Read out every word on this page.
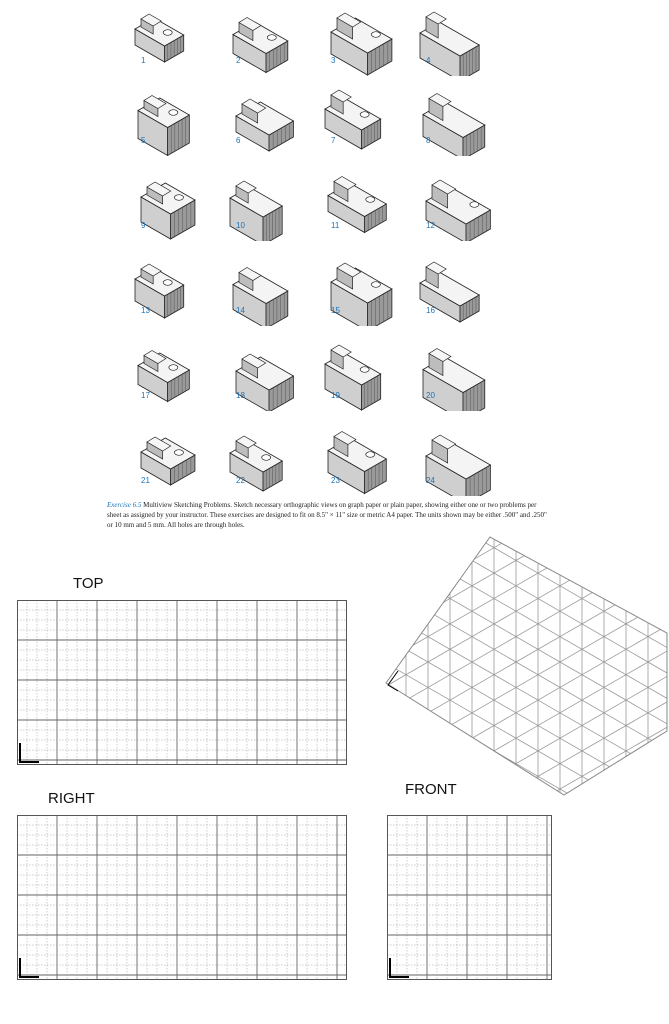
1	2	3	4
5	6	7	8
9	10	11	12
13	14	15	16
17	18	19	20
21	22	23	24
Exercise 6.5 Multiview Sketching Problems. Sketch necessary orthographic views on graph paper or plain paper, showing either one or two problems per sheet as assigned by your instructor. These exercises are designed to fit on 8.5" × 11" size or metric A4 paper. The units shown may be either .500" and .250" or 10 mm and 5 mm. All holes are through holes.
TOP
RIGHT
FRONT
